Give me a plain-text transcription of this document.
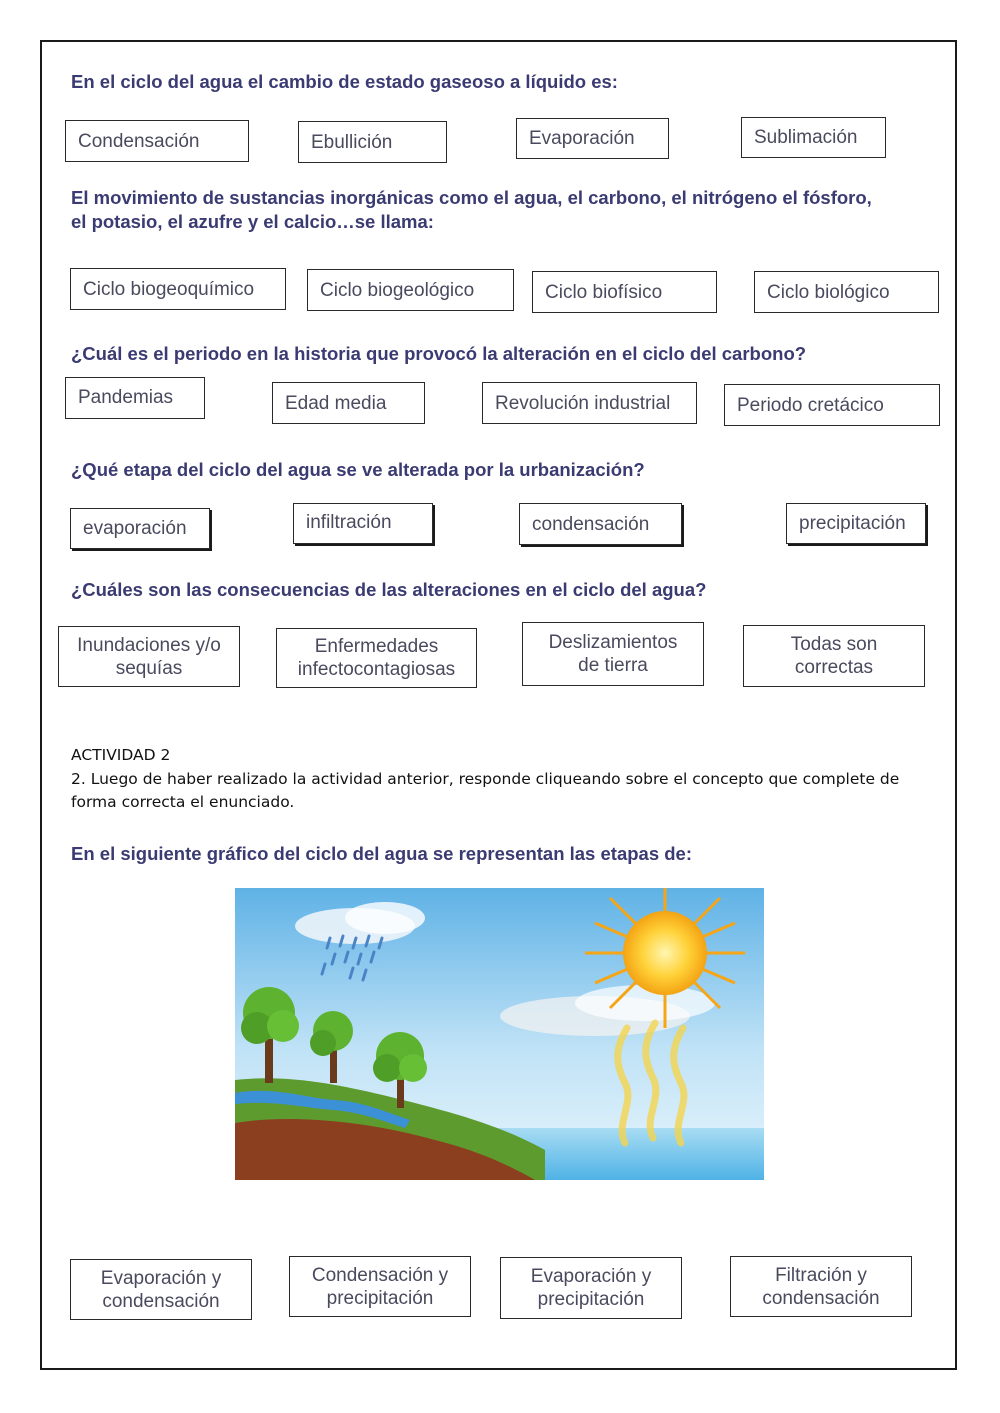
En el ciclo del agua el cambio de estado gaseoso a líquido es:
Condensación	Ebullición	Evaporación	Sublimación
El movimiento de sustancias inorgánicas como el agua, el carbono, el nitrógeno el fósforo, el potasio, el azufre y el calcio…se llama:
Ciclo biogeoquímico	Ciclo biogeológico	Ciclo biofísico	Ciclo biológico
¿Cuál es el periodo en la historia que provocó la alteración en el ciclo del carbono?
Pandemias	Edad media	Revolución industrial	Periodo cretácico
¿Qué etapa del ciclo del agua se ve alterada por la urbanización?
evaporación	infiltración	condensación	precipitación
¿Cuáles son las consecuencias de las alteraciones en el ciclo del agua?
Inundaciones y/o sequías
Enfermedades infectocontagiosas
Deslizamientos de tierra
Todas son correctas
ACTIVIDAD 2
2. Luego de haber realizado la actividad anterior, responde cliqueando sobre el concepto que complete de forma correcta el enunciado.
En el siguiente gráfico del ciclo del agua se representan las etapas de:
Evaporación y condensación
Condensación y precipitación
Evaporación y precipitación
Filtración y condensación
